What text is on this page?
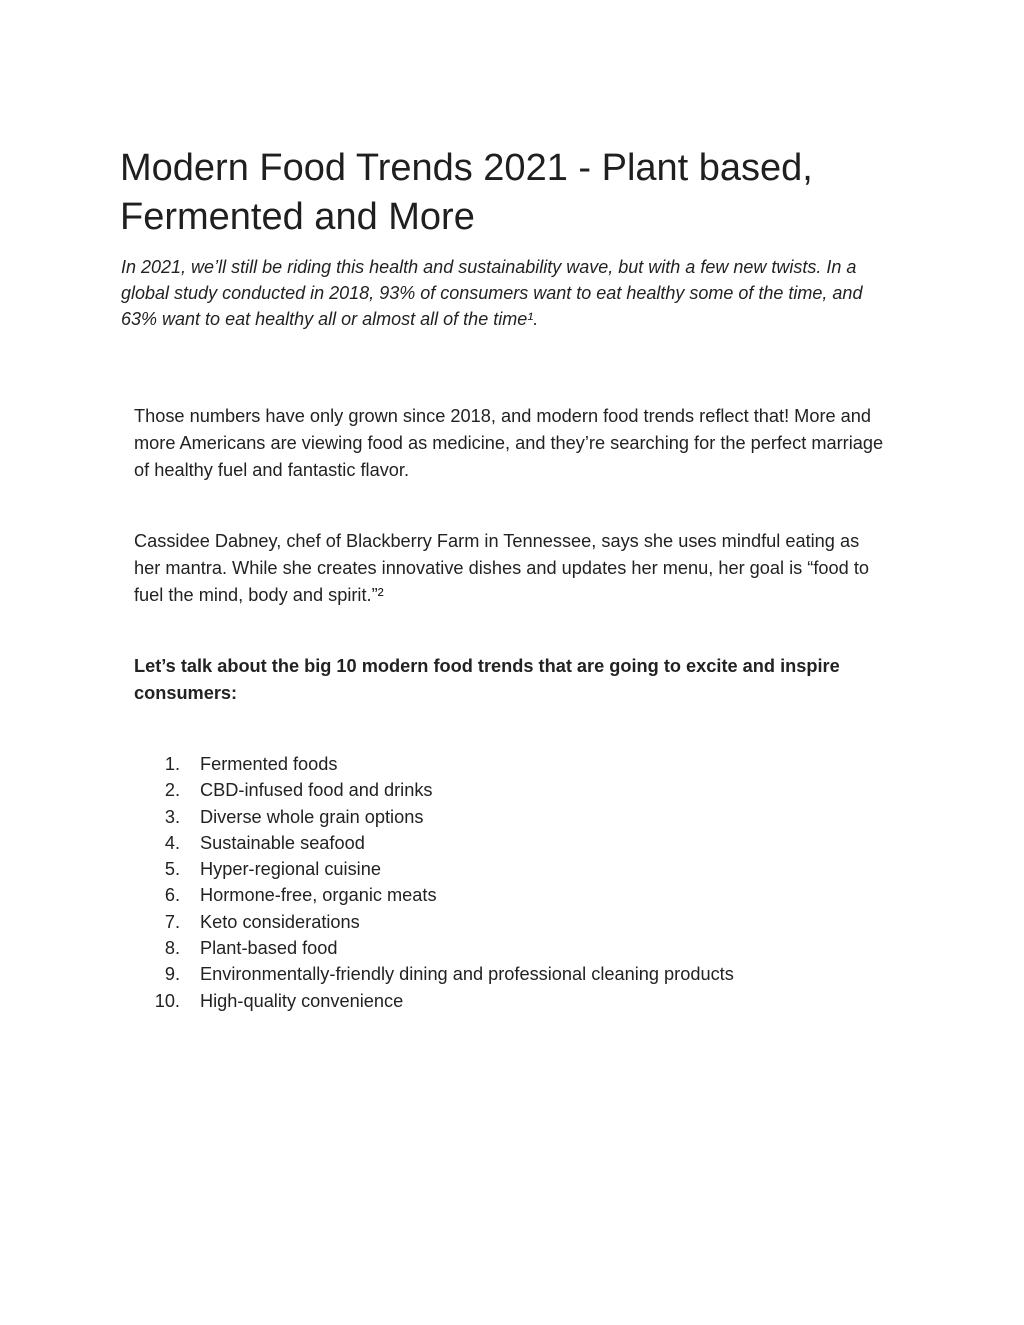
Modern Food Trends 2021 - Plant based, Fermented and More

In 2021, we’ll still be riding this health and sustainability wave, but with a few new twists. In a global study conducted in 2018, 93% of consumers want to eat healthy some of the time, and 63% want to eat healthy all or almost all of the time¹.

Those numbers have only grown since 2018, and modern food trends reflect that! More and more Americans are viewing food as medicine, and they’re searching for the perfect marriage of healthy fuel and fantastic flavor.

Cassidee Dabney, chef of Blackberry Farm in Tennessee, says she uses mindful eating as her mantra. While she creates innovative dishes and updates her menu, her goal is “food to fuel the mind, body and spirit.”²

Let’s talk about the big 10 modern food trends that are going to excite and inspire consumers:

1. Fermented foods
2. CBD-infused food and drinks
3. Diverse whole grain options
4. Sustainable seafood
5. Hyper-regional cuisine
6. Hormone-free, organic meats
7. Keto considerations
8. Plant-based food
9. Environmentally-friendly dining and professional cleaning products
10. High-quality convenience
